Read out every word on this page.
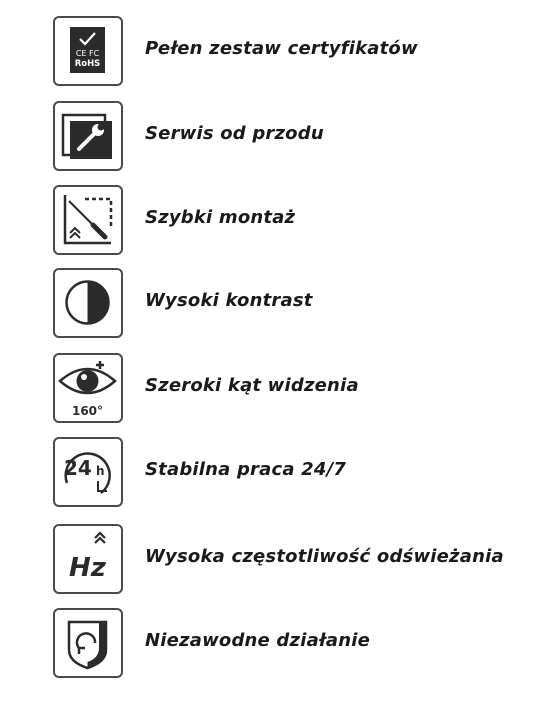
CE FC
RoHS
Pełen zestaw certyfikatów
Serwis od przodu
Szybki montaż
Wysoki kontrast
160°
Szeroki kąt widzenia
24 h Stabilna praca 24/7
Hz Wysoka częstotliwość odświeżania
Niezawodne działanie
